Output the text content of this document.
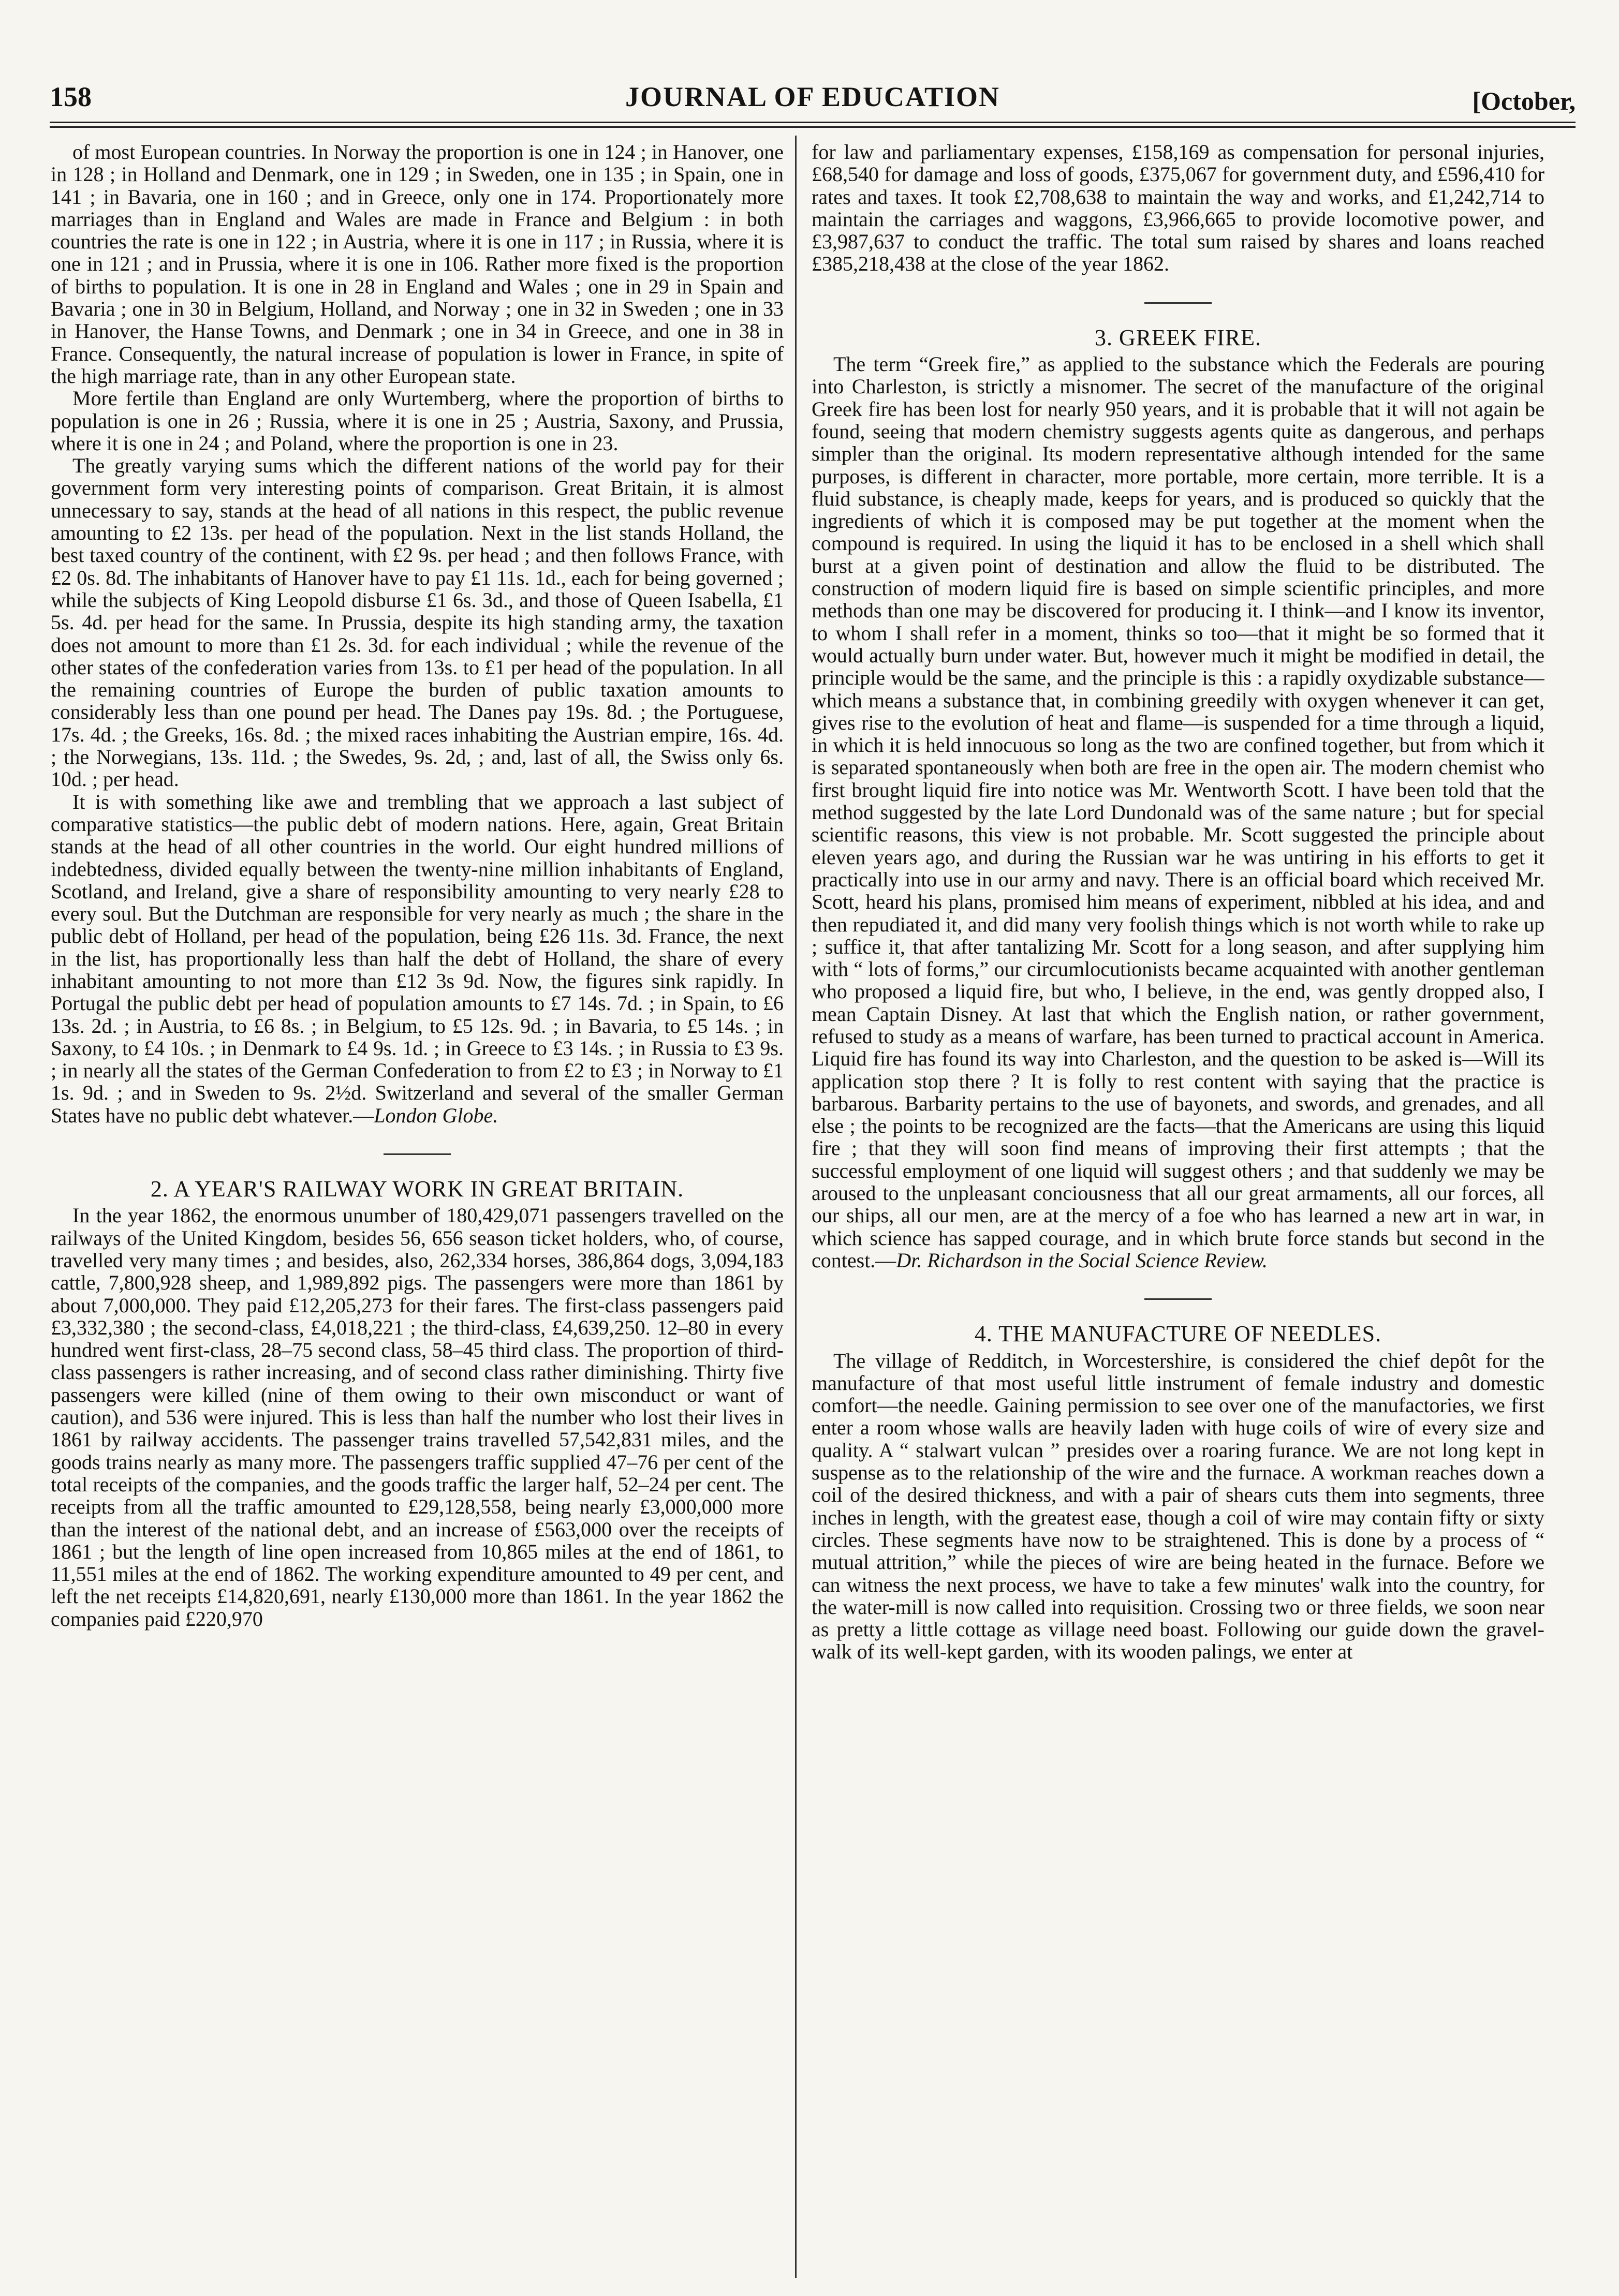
158	JOURNAL OF EDUCATION	[October,

of most European countries. In Norway the proportion is one in 124 ; in Hanover, one in 128 ; in Holland and Denmark, one in 129 ; in Sweden, one in 135 ; in Spain, one in 141 ; in Bavaria, one in 160 ; and in Greece, only one in 174. Proportionately more marriages than in England and Wales are made in France and Belgium : in both countries the rate is one in 122 ; in Austria, where it is one in 117 ; in Russia, where it is one in 121 ; and in Prussia, where it is one in 106. Rather more fixed is the proportion of births to population. It is one in 28 in England and Wales ; one in 29 in Spain and Bavaria ; one in 30 in Belgium, Holland, and Norway ; one in 32 in Sweden ; one in 33 in Hanover, the Hanse Towns, and Denmark ; one in 34 in Greece, and one in 38 in France. Consequently, the natural increase of population is lower in France, in spite of the high marriage rate, than in any other European state.

More fertile than England are only Wurtemberg, where the proportion of births to population is one in 26 ; Russia, where it is one in 25 ; Austria, Saxony, and Prussia, where it is one in 24 ; and Poland, where the proportion is one in 23.

The greatly varying sums which the different nations of the world pay for their government form very interesting points of comparison. Great Britain, it is almost unnecessary to say, stands at the head of all nations in this respect, the public revenue amounting to £2 13s. per head of the population. Next in the list stands Holland, the best taxed country of the continent, with £2 9s. per head ; and then follows France, with £2 0s. 8d. The inhabitants of Hanover have to pay £1 11s. 1d., each for being governed ; while the subjects of King Leopold disburse £1 6s. 3d., and those of Queen Isabella, £1 5s. 4d. per head for the same. In Prussia, despite its high standing army, the taxation does not amount to more than £1 2s. 3d. for each individual ; while the revenue of the other states of the confederation varies from 13s. to £1 per head of the population. In all the remaining countries of Europe the burden of public taxation amounts to considerably less than one pound per head. The Danes pay 19s. 8d. ; the Portuguese, 17s. 4d. ; the Greeks, 16s. 8d. ; the mixed races inhabiting the Austrian empire, 16s. 4d. ; the Norwegians, 13s. 11d. ; the Swedes, 9s. 2d, ; and, last of all, the Swiss only 6s. 10d. ; per head.

It is with something like awe and trembling that we approach a last subject of comparative statistics—the public debt of modern nations. Here, again, Great Britain stands at the head of all other countries in the world. Our eight hundred millions of indebtedness, divided equally between the twenty-nine million inhabitants of England, Scotland, and Ireland, give a share of responsibility amounting to very nearly £28 to every soul. But the Dutchman are responsible for very nearly as much ; the share in the public debt of Holland, per head of the population, being £26 11s. 3d. France, the next in the list, has proportionally less than half the debt of Holland, the share of every inhabitant amounting to not more than £12 3s 9d. Now, the figures sink rapidly. In Portugal the public debt per head of population amounts to £7 14s. 7d. ; in Spain, to £6 13s. 2d. ; in Austria, to £6 8s. ; in Belgium, to £5 12s. 9d. ; in Bavaria, to £5 14s. ; in Saxony, to £4 10s. ; in Denmark to £4 9s. 1d. ; in Greece to £3 14s. ; in Russia to £3 9s. ; in nearly all the states of the German Confederation to from £2 to £3 ; in Norway to £1 1s. 9d. ; and in Sweden to 9s. 2½d. Switzerland and several of the smaller German States have no public debt whatever.—London Globe.

2. A YEAR'S RAILWAY WORK IN GREAT BRITAIN.

In the year 1862, the enormous unumber of 180,429,071 passengers travelled on the railways of the United Kingdom, besides 56, 656 season ticket holders, who, of course, travelled very many times ; and besides, also, 262,334 horses, 386,864 dogs, 3,094,183 cattle, 7,800,928 sheep, and 1,989,892 pigs. The passengers were more than 1861 by about 7,000,000. They paid £12,205,273 for their fares. The first-class passengers paid £3,332,380 ; the second-class, £4,018,221 ; the third-class, £4,639,250. 12–80 in every hundred went first-class, 28–75 second class, 58–45 third class. The proportion of third-class passengers is rather increasing, and of second class rather diminishing. Thirty five passengers were killed (nine of them owing to their own misconduct or want of caution), and 536 were injured. This is less than half the number who lost their lives in 1861 by railway accidents. The passenger trains travelled 57,542,831 miles, and the goods trains nearly as many more. The passengers traffic supplied 47–76 per cent of the total receipts of the companies, and the goods traffic the larger half, 52–24 per cent. The receipts from all the traffic amounted to £29,128,558, being nearly £3,000,000 more than the interest of the national debt, and an increase of £563,000 over the receipts of 1861 ; but the length of line open increased from 10,865 miles at the end of 1861, to 11,551 miles at the end of 1862. The working expenditure amounted to 49 per cent, and left the net receipts £14,820,691, nearly £130,000 more than 1861. In the year 1862 the companies paid £220,970

for law and parliamentary expenses, £158,169 as compensation for personal injuries, £68,540 for damage and loss of goods, £375,067 for government duty, and £596,410 for rates and taxes. It took £2,708,638 to maintain the way and works, and £1,242,714 to maintain the carriages and waggons, £3,966,665 to provide locomotive power, and £3,987,637 to conduct the traffic. The total sum raised by shares and loans reached £385,218,438 at the close of the year 1862.

3. GREEK FIRE.

The term “Greek fire,” as applied to the substance which the Federals are pouring into Charleston, is strictly a misnomer. The secret of the manufacture of the original Greek fire has been lost for nearly 950 years, and it is probable that it will not again be found, seeing that modern chemistry suggests agents quite as dangerous, and perhaps simpler than the original. Its modern representative although intended for the same purposes, is different in character, more portable, more certain, more terrible. It is a fluid substance, is cheaply made, keeps for years, and is produced so quickly that the ingredients of which it is composed may be put together at the moment when the compound is required. In using the liquid it has to be enclosed in a shell which shall burst at a given point of destination and allow the fluid to be distributed. The construction of modern liquid fire is based on simple scientific principles, and more methods than one may be discovered for producing it. I think—and I know its inventor, to whom I shall refer in a moment, thinks so too—that it might be so formed that it would actually burn under water. But, however much it might be modified in detail, the principle would be the same, and the principle is this : a rapidly oxydizable substance—which means a substance that, in combining greedily with oxygen whenever it can get, gives rise to the evolution of heat and flame—is suspended for a time through a liquid, in which it is held innocuous so long as the two are confined together, but from which it is separated spontaneously when both are free in the open air. The modern chemist who first brought liquid fire into notice was Mr. Wentworth Scott. I have been told that the method suggested by the late Lord Dundonald was of the same nature ; but for special scientific reasons, this view is not probable. Mr. Scott suggested the principle about eleven years ago, and during the Russian war he was untiring in his efforts to get it practically into use in our army and navy. There is an official board which received Mr. Scott, heard his plans, promised him means of experiment, nibbled at his idea, and and then repudiated it, and did many very foolish things which is not worth while to rake up ; suffice it, that after tantalizing Mr. Scott for a long season, and after supplying him with “ lots of forms,” our circumlocutionists became acquainted with another gentleman who proposed a liquid fire, but who, I believe, in the end, was gently dropped also, I mean Captain Disney. At last that which the English nation, or rather government, refused to study as a means of warfare, has been turned to practical account in America. Liquid fire has found its way into Charleston, and the question to be asked is—Will its application stop there ? It is folly to rest content with saying that the practice is barbarous. Barbarity pertains to the use of bayonets, and swords, and grenades, and all else ; the points to be recognized are the facts—that the Americans are using this liquid fire ; that they will soon find means of improving their first attempts ; that the successful employment of one liquid will suggest others ; and that suddenly we may be aroused to the unpleasant conciousness that all our great armaments, all our forces, all our ships, all our men, are at the mercy of a foe who has learned a new art in war, in which science has sapped courage, and in which brute force stands but second in the contest.—Dr. Richardson in the Social Science Review.

4. THE MANUFACTURE OF NEEDLES.

The village of Redditch, in Worcestershire, is considered the chief depôt for the manufacture of that most useful little instrument of female industry and domestic comfort—the needle. Gaining permission to see over one of the manufactories, we first enter a room whose walls are heavily laden with huge coils of wire of every size and quality. A “ stalwart vulcan ” presides over a roaring furance. We are not long kept in suspense as to the relationship of the wire and the furnace. A workman reaches down a coil of the desired thickness, and with a pair of shears cuts them into segments, three inches in length, with the greatest ease, though a coil of wire may contain fifty or sixty circles. These segments have now to be straightened. This is done by a process of “ mutual attrition,” while the pieces of wire are being heated in the furnace. Before we can witness the next process, we have to take a few minutes' walk into the country, for the water-mill is now called into requisition. Crossing two or three fields, we soon near as pretty a little cottage as village need boast. Following our guide down the gravel-walk of its well-kept garden, with its wooden palings, we enter at
